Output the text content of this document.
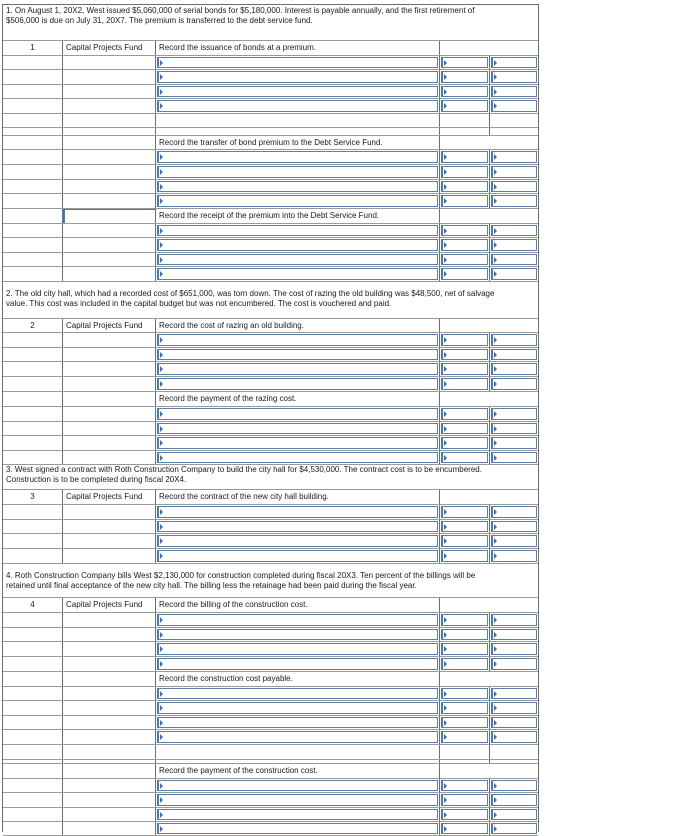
1. On August 1, 20X2, West issued $5,060,000 of serial bonds for $5,180,000. Interest is payable annually, and the first retirement of
$506,000 is due on July 31, 20X7. The premium is transferred to the debt service fund.
1	Capital Projects Fund	Record the issuance of bonds at a premium.
Record the transfer of bond premium to the Debt Service Fund.
Record the receipt of the premium into the Debt Service Fund.
2. The old city hall, which had a recorded cost of $651,000, was torn down. The cost of razing the old building was $48,500, net of salvage
value. This cost was included in the capital budget but was not encumbered. The cost is vouchered and paid.
2	Capital Projects Fund	Record the cost of razing an old building.
Record the payment of the razing cost.
3. West signed a contract with Roth Construction Company to build the city hall for $4,530,000. The contract cost is to be encumbered.
Construction is to be completed during fiscal 20X4.
3	Capital Projects Fund	Record the contract of the new city hall building.
4. Roth Construction Company bills West $2,130,000 for construction completed during fiscal 20X3. Ten percent of the billings will be
retained until final acceptance of the new city hall. The billing less the retainage had been paid during the fiscal year.
4	Capital Projects Fund	Record the billing of the construction cost.
Record the construction cost payable.
Record the payment of the construction cost.
